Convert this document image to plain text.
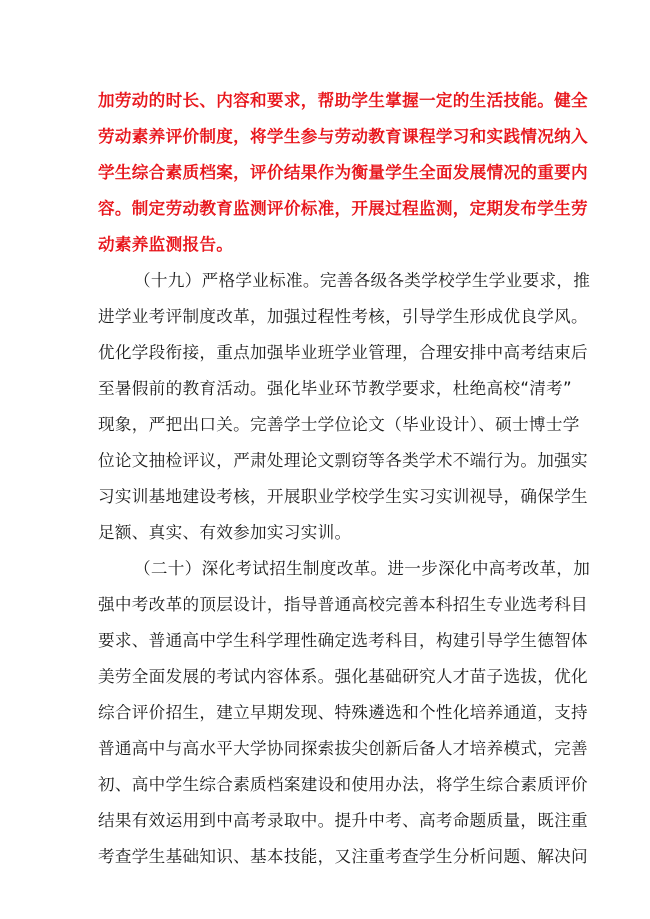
加劳动的时长、内容和要求，帮助学生掌握一定的生活技能。健全
劳动素养评价制度，将学生参与劳动教育课程学习和实践情况纳入
学生综合素质档案，评价结果作为衡量学生全面发展情况的重要内
容。制定劳动教育监测评价标准，开展过程监测，定期发布学生劳
动素养监测报告。
（十九）严格学业标准。完善各级各类学校学生学业要求，推
进学业考评制度改革，加强过程性考核，引导学生形成优良学风。
优化学段衔接，重点加强毕业班学业管理，合理安排中高考结束后
至暑假前的教育活动。强化毕业环节教学要求，杜绝高校“清考”
现象，严把出口关。完善学士学位论文（毕业设计）、硕士博士学
位论文抽检评议，严肃处理论文剽窃等各类学术不端行为。加强实
习实训基地建设考核，开展职业学校学生实习实训视导，确保学生
足额、真实、有效参加实习实训。
（二十）深化考试招生制度改革。进一步深化中高考改革，加
强中考改革的顶层设计，指导普通高校完善本科招生专业选考科目
要求、普通高中学生科学理性确定选考科目，构建引导学生德智体
美劳全面发展的考试内容体系。强化基础研究人才苗子选拔，优化
综合评价招生，建立早期发现、特殊遴选和个性化培养通道，支持
普通高中与高水平大学协同探索拔尖创新后备人才培养模式，完善
初、高中学生综合素质档案建设和使用办法，将学生综合素质评价
结果有效运用到中高考录取中。提升中考、高考命题质量，既注重
考查学生基础知识、基本技能，又注重考查学生分析问题、解决问
